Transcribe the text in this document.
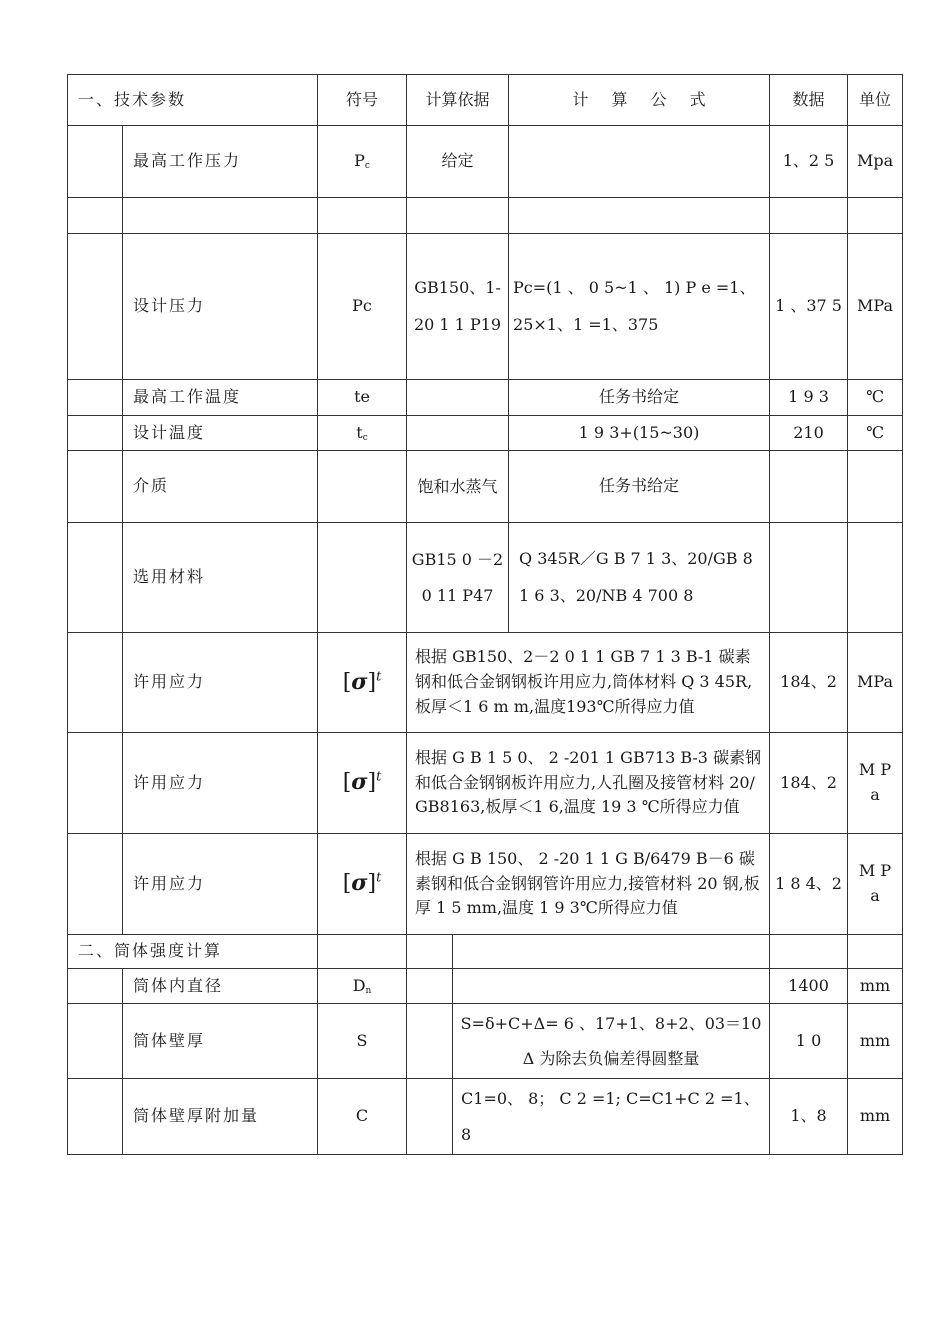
一、技术参数		符号	计算依据		计 算 公 式	数据	单位
	最高工作压力	$P_c$	给定			1、2 5	Mpa

	设计压力	Pc	GB150、1-20 1 1 P19		Pc=(1 、 0 5~1 、 1) P e =1、25×1、1 =1、375	1 、37 5	MPa
	最高工作温度	te			任务书给定	1 9 3	℃
	设计温度	$t_c$			1 9 3+(15~30)	210	℃
	介质		饱和水蒸气		任务书给定		
	选用材料		GB15 0 －2 0 11 P47		Q 345R／G B 7 1 3、20/GB 8 1 6 3、20/NB 4 700 8		
	许用应力	$[\sigma]^t$	根据 GB150、2－2 0 1 1 GB 7 1 3 B-1 碳素钢和低合金钢钢板许用应力,筒体材料 Q 3 45R,板厚＜1 6 m m,温度193℃所得应力值			184、2	MPa
	许用应力	$[\sigma]^t$	根据 G B 1 5 0、 2 -201 1 GB713 B-3 碳素钢和低合金钢钢板许用应力,人孔圈及接管材料 20/GB8163,板厚＜1 6,温度 19 3 ℃所得应力值			184、2	M P a
	许用应力	$[\sigma]^t$	根据 G B 150、 2 -20 1 1 G B/6479 B－6 碳素钢和低合金钢钢管许用应力,接管材料 20 钢,板厚 1 5 mm,温度 1 9 3℃所得应力值			1 8 4、2	M P a
二、筒体强度计算							
	筒体内直径	$D_n$				1400	mm
	筒体壁厚	S		S=δ+C+Δ= 6 、17+1、8+2、03＝10 Δ 为除去负偏差得圆整量		1 0	mm
	筒体壁厚附加量	C		C1=0、 8； C 2 =1; C=C1+C 2 =1、8		1、8	mm
